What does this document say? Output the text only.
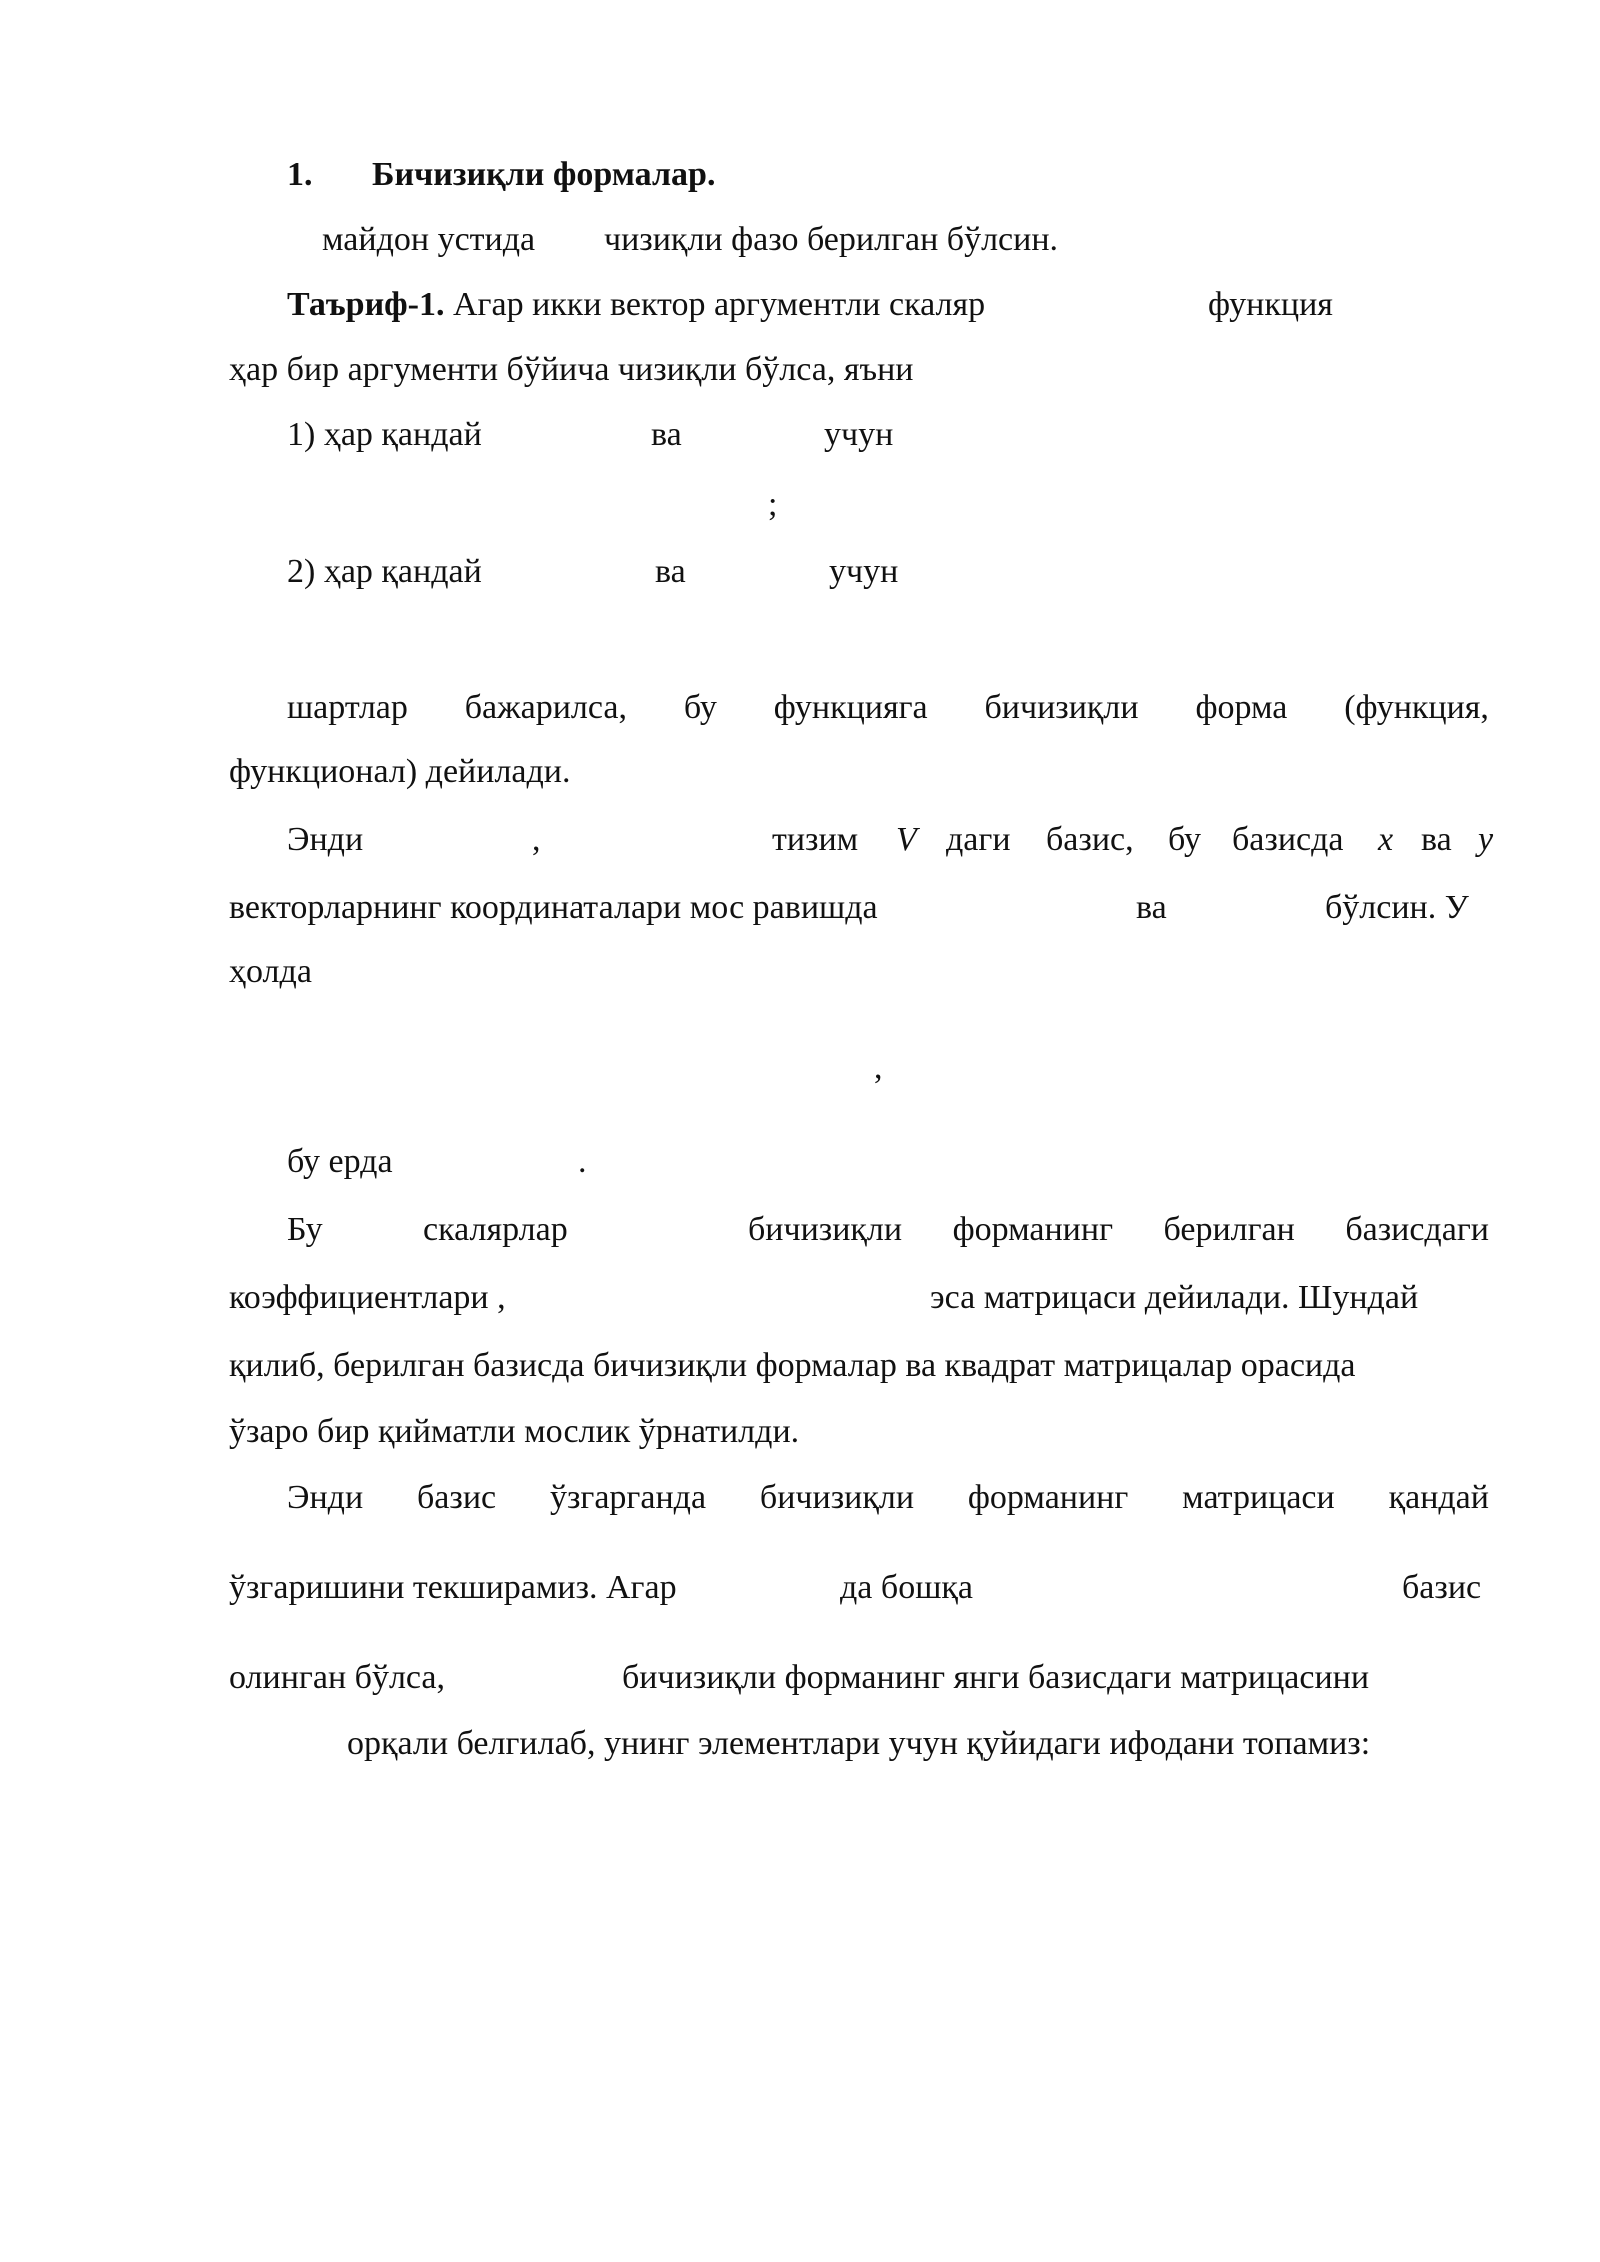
1. Бичизиқли формалар.
майдон устида чизиқли фазо берилган бўлсин.
Таъриф-1. Агар икки вектор аргументли скаляр	функция
ҳар бир аргументи бўйича чизиқли бўлса, яъни
1) ҳар қандай	ва	учун
;
2) ҳар қандай	ва	учун
шартлар бажарилса, бу функцияга бичизиқли форма (функция,
функционал) дейилади.
Энди	,	тизим V даги базис, бу базисда x ва y
векторларнинг координаталари мос равишда	ва	бўлсин. У
ҳолда
,
бу ерда	.
Бу	скалярлар	бичизиқли форманинг берилган базисдаги
коэффициентлари ,	эса матрицаси дейилади. Шундай
қилиб, берилган базисда бичизиқли формалар ва квадрат матрицалар орасида
ўзаро бир қийматли мослик ўрнатилди.
Энди базис ўзгарганда бичизиқли форманинг матрицаси қандай
ўзгаришини текширамиз. Агар	да бошқа	базис
олинган бўлса,	бичизиқли форманинг янги базисдаги матрицасини
орқали белгилаб, унинг элементлари учун қуйидаги ифодани топамиз:
